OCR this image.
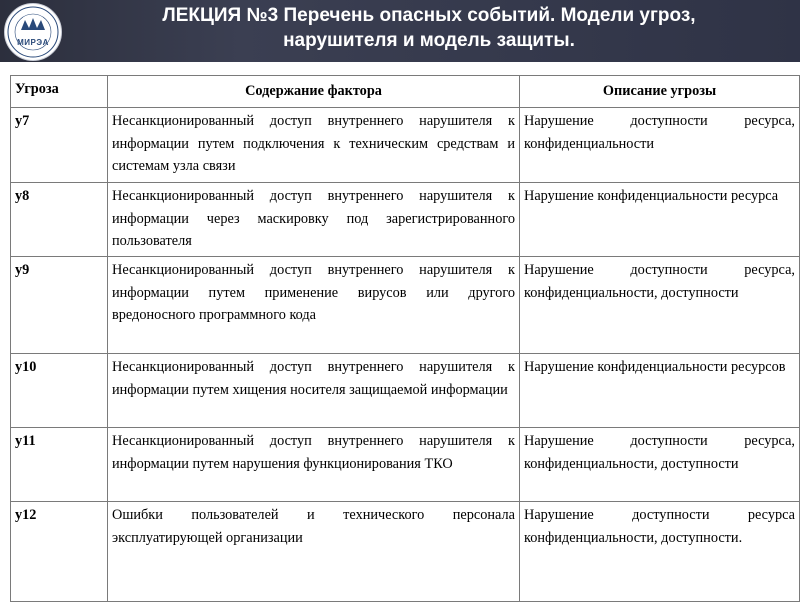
МИРЭА
ЛЕКЦИЯ №3 Перечень опасных событий. Модели угроз,
нарушителя и модель защиты.
Угроза	Содержание фактора	Описание угрозы
у7	Несанкционированный доступ внутреннего нарушителя к информации путем подключения к техническим средствам и системам узла связи	Нарушение доступности ресурса, конфиденциальности
у8	Несанкционированный доступ внутреннего нарушителя к информации через маскировку под зарегистрированного пользователя	Нарушение конфиденциальности ресурса
у9	Несанкционированный доступ внутреннего нарушителя к информации путем применение вирусов или другого вредоносного программного кода	Нарушение доступности ресурса, конфиденциальности, доступности
у10	Несанкционированный доступ внутреннего нарушителя к информации путем хищения носителя защищаемой информации	Нарушение конфиденциальности ресурсов
у11	Несанкционированный доступ внутреннего нарушителя к информации путем нарушения функционирования ТКО	Нарушение доступности ресурса, конфиденциальности, доступности
у12	Ошибки пользователей и технического персонала эксплуатирующей организации	Нарушение доступности ресурса конфиденциальности, доступности.
